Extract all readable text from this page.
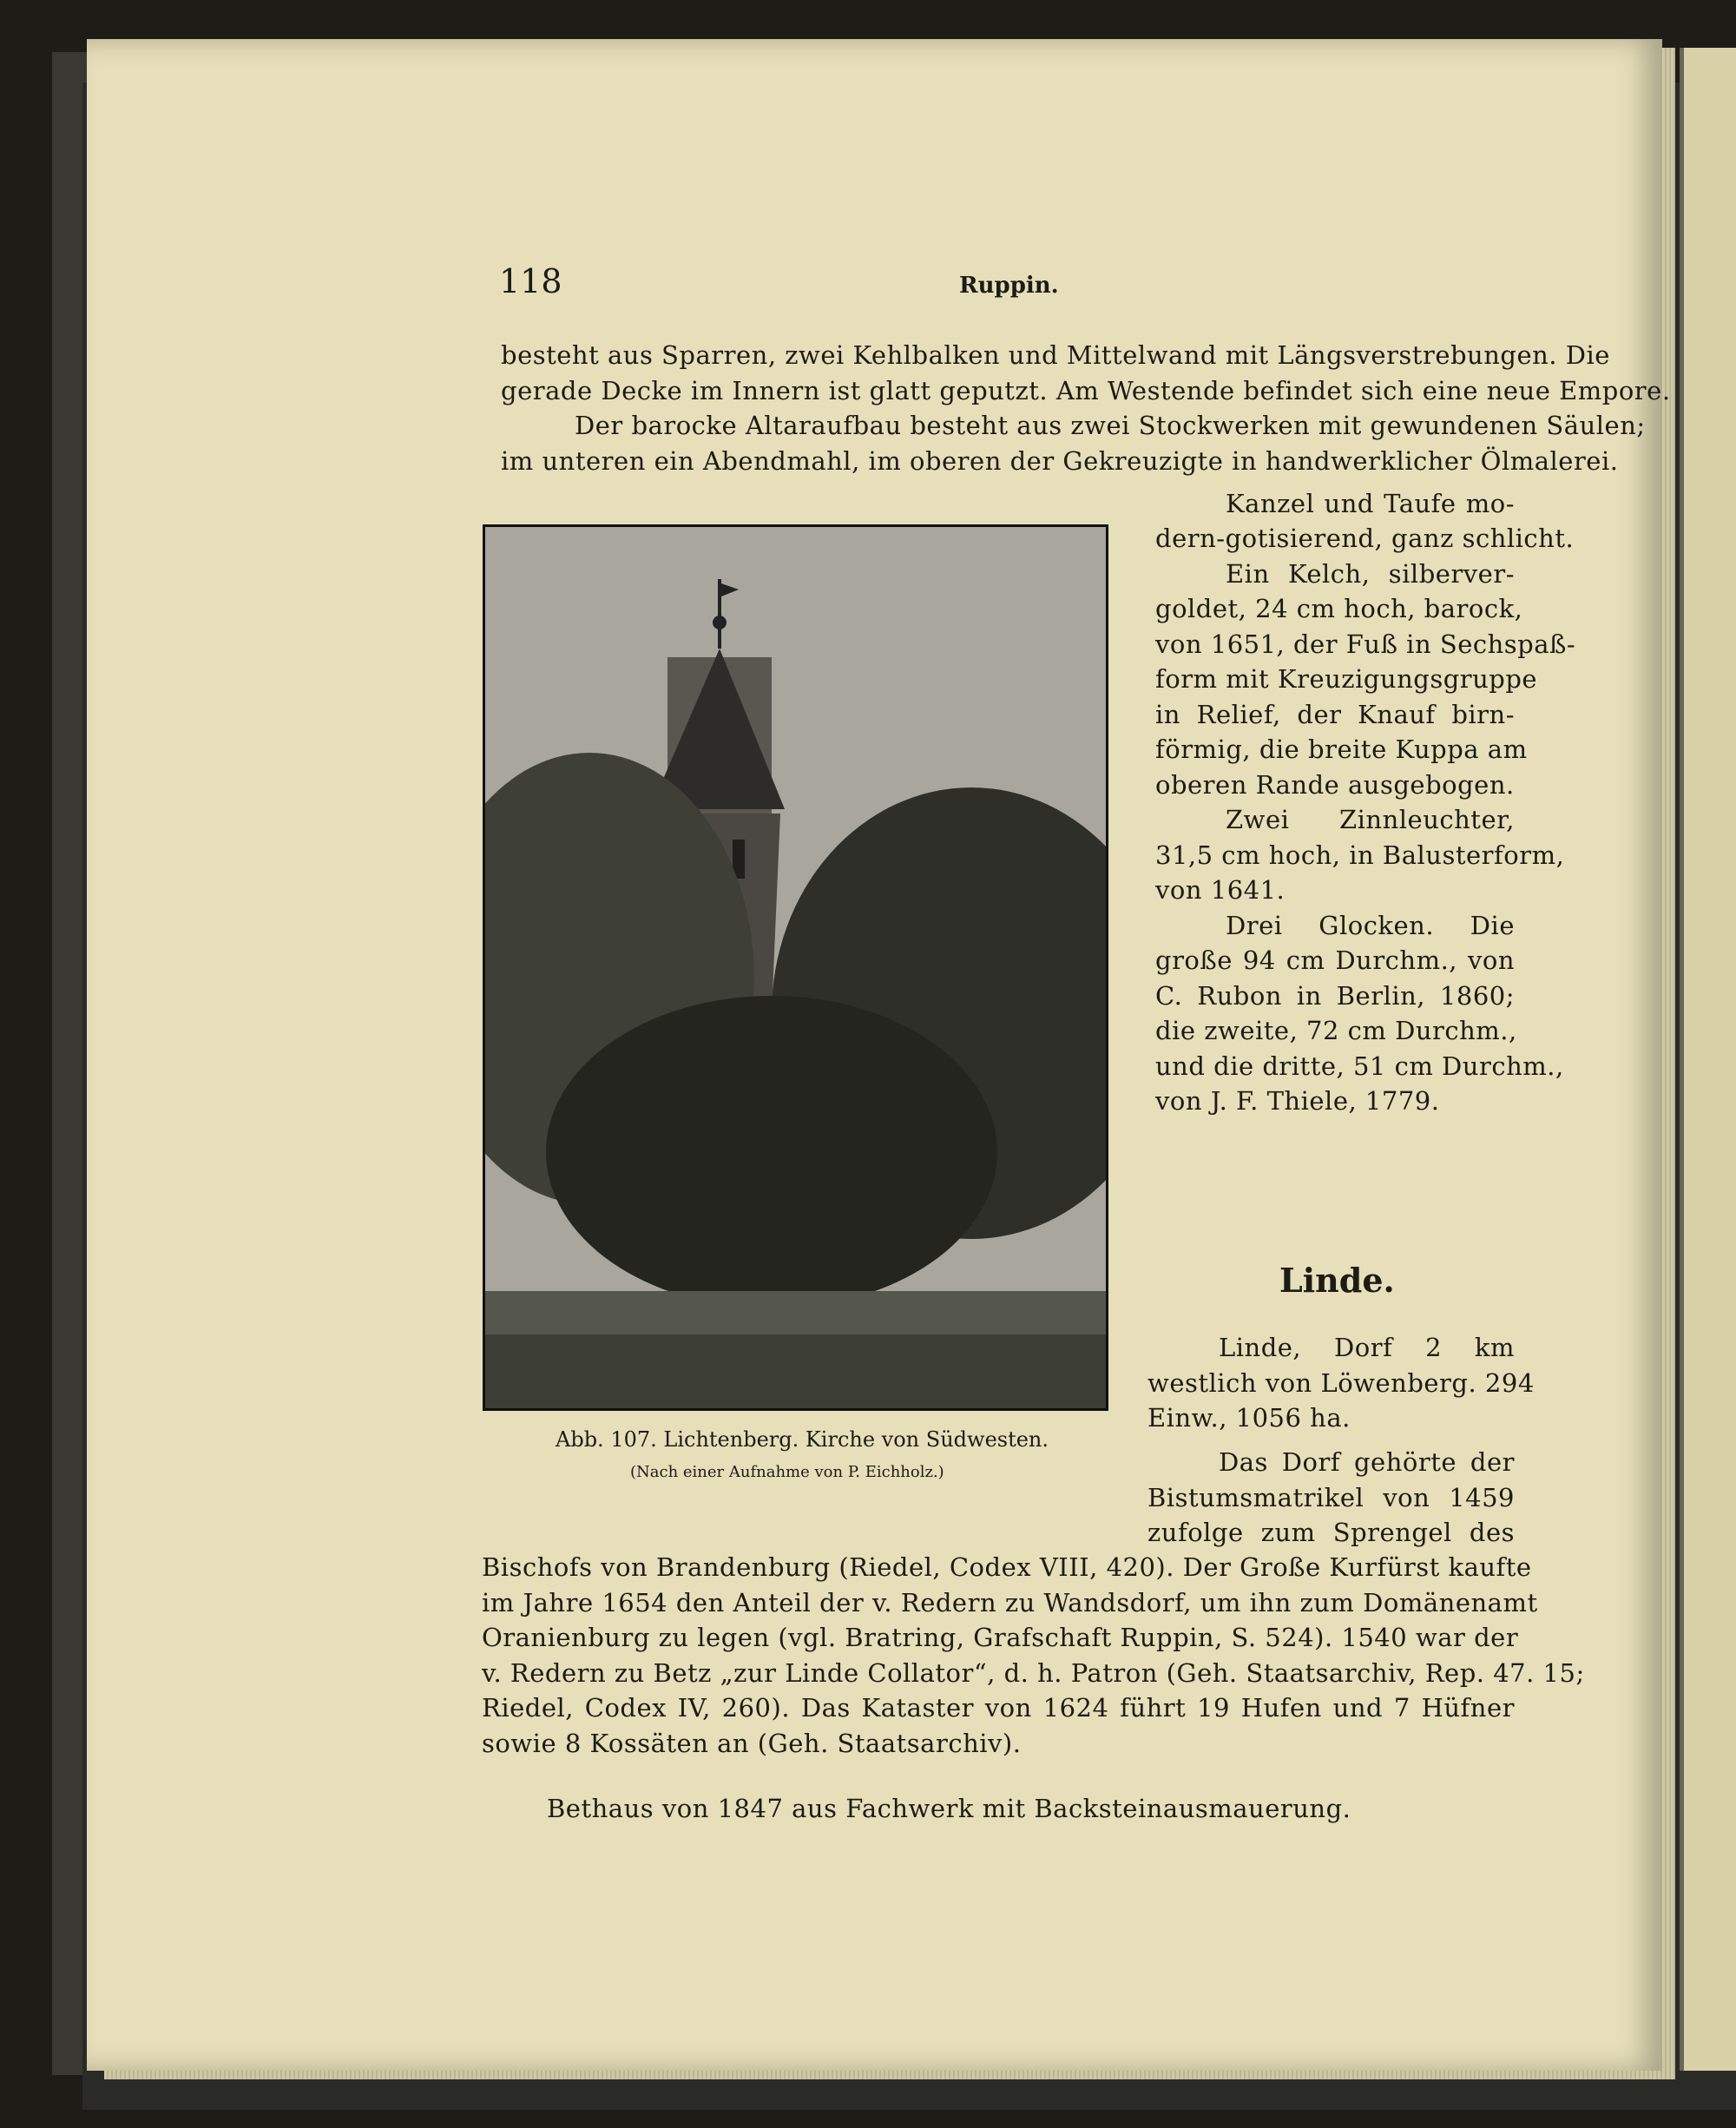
118	Ruppin.
besteht aus Sparren, zwei Kehlbalken und Mittelwand mit Längsverstrebungen. Die
gerade Decke im Innern ist glatt geputzt. Am Westende befindet sich eine neue Empore.
Der barocke Altaraufbau besteht aus zwei Stockwerken mit gewundenen Säulen;
im unteren ein Abendmahl, im oberen der Gekreuzigte in handwerklicher Ölmalerei.
Kanzel und Taufe mo-
dern-gotisierend, ganz schlicht.
Ein Kelch, silberver-
goldet, 24 cm hoch, barock,
von 1651, der Fuß in Sechspaß-
form mit Kreuzigungsgruppe
in Relief, der Knauf birn-
förmig, die breite Kuppa am
oberen Rande ausgebogen.
Zwei Zinnleuchter,
31,5 cm hoch, in Balusterform,
von 1641.
Drei Glocken. Die
große 94 cm Durchm., von
C. Rubon in Berlin, 1860;
die zweite, 72 cm Durchm.,
und die dritte, 51 cm Durchm.,
von J. F. Thiele, 1779.
Abb. 107. Lichtenberg. Kirche von Südwesten.
(Nach einer Aufnahme von P. Eichholz.)
Linde.
Linde, Dorf 2 km
westlich von Löwenberg. 294
Einw., 1056 ha.
Das Dorf gehörte der
Bistumsmatrikel von 1459
zufolge zum Sprengel des
Bischofs von Brandenburg (Riedel, Codex VIII, 420). Der Große Kurfürst kaufte
im Jahre 1654 den Anteil der v. Redern zu Wandsdorf, um ihn zum Domänenamt
Oranienburg zu legen (vgl. Bratring, Grafschaft Ruppin, S. 524). 1540 war der
v. Redern zu Betz „zur Linde Collator“, d. h. Patron (Geh. Staatsarchiv, Rep. 47. 15;
Riedel, Codex IV, 260). Das Kataster von 1624 führt 19 Hufen und 7 Hüfner
sowie 8 Kossäten an (Geh. Staatsarchiv).
Bethaus von 1847 aus Fachwerk mit Backsteinausmauerung.
